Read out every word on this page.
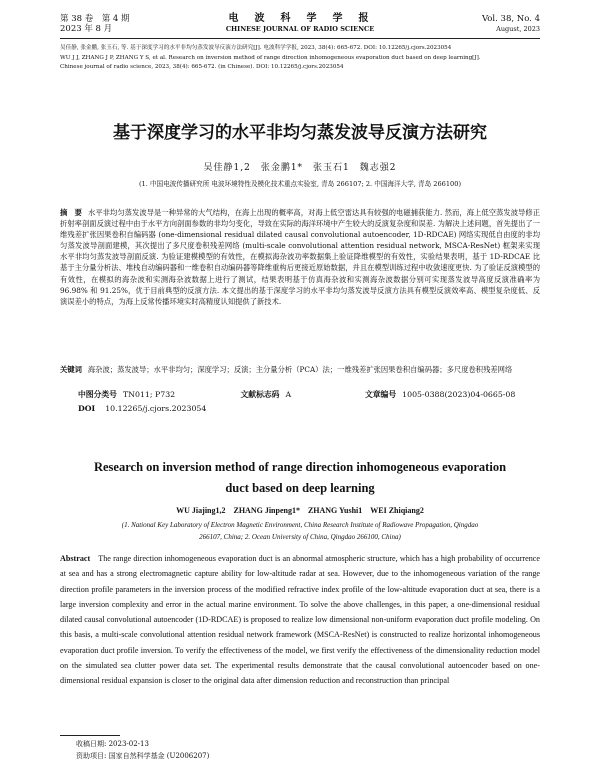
第 38 卷　第 4 期
2023 年 8 月
电　波　科　学　学　报
CHINESE JOURNAL OF RADIO SCIENCE
Vol. 38, No. 4
August, 2023
吴佳静, 张金鹏, 张玉石, 等. 基于深度学习的水平非均匀蒸发波导反演方法研究[J]. 电波科学学报, 2023, 38(4): 665-672. DOI: 10.12265/j.cjors.2023054
WU J J, ZHANG J P, ZHANG Y S, et al. Research on inversion method of range direction inhomogeneous evaporation duct based on deep learning[J].
Chinese journal of radio science, 2023, 38(4): 665-672. (in Chinese). DOI: 10.12265/j.cjors.2023054
基于深度学习的水平非均匀蒸发波导反演方法研究
吴佳静1,2　张金鹏1*　张玉石1　魏志强2
(1. 中国电波传播研究所 电波环境特性及模化技术重点实验室, 青岛 266107; 2. 中国海洋大学, 青岛 266100)
摘　要 水平非均匀蒸发波导是一种异常的大气结构，在海上出现的概率高，对海上低空雷达具有较强的电磁捕获能力. 然而，海上低空蒸发波导修正折射率剖面反演过程中由于水平方向剖面参数的非均匀变化，导致在实际的海洋环境中产生较大的反演复杂度和误差. 为解决上述问题，首先提出了一维残差扩张因果卷积自编码器 (one-dimensional residual dilated causal convolutional autoencoder, 1D-RDCAE) 网络实现低自由度的非均匀蒸发波导剖面建模，其次提出了多尺度卷积残差网络 (multi-scale convolutional attention residual network, MSCA-ResNet) 框架来实现水平非均匀蒸发波导剖面反演. 为验证建模模型的有效性，在模拟海杂波功率数据集上验证降维模型的有效性，实验结果表明，基于 1D-RDCAE 比基于主分量分析法、堆栈自动编码器和一维卷积自动编码器等降维重构后更接近原始数据，并且在模型训练过程中收敛速度更快. 为了验证反演模型的有效性，在模拟的海杂波和实测海杂波数据上进行了测试，结果表明基于仿真海杂波和实测海杂波数据分别可实现蒸发波导高度反演准确率为 96.98% 和 91.25%，优于目前典型的反演方法. 本文提出的基于深度学习的水平非均匀蒸发波导反演方法具有模型反演效率高、模型复杂度低、反演误差小的特点，为海上反常传播环境实时高精度认知提供了新技术.
关键词 海杂波；蒸发波导；水平非均匀；深度学习；反演；主分量分析（PCA）法；一维残差扩张因果卷积自编码器；多尺度卷积残差网络
中图分类号 TN011; P732	文献标志码 A	文章编号 1005-0388(2023)04-0665-08
DOI 10.12265/j.cjors.2023054
Research on inversion method of range direction inhomogeneous evaporation
duct based on deep learning
WU Jiajing1,2　ZHANG Jinpeng1*　ZHANG Yushi1　WEI Zhiqiang2
(1. National Key Laboratory of Electron Magnetic Environment, China Research Institute of Radiowave Propagation, Qingdao
266107, China; 2. Ocean University of China, Qingdao 266100, China)
Abstract The range direction inhomogeneous evaporation duct is an abnormal atmospheric structure, which has a high probability of occurrence at sea and has a strong electromagnetic capture ability for low-altitude radar at sea. However, due to the inhomogeneous variation of the range direction profile parameters in the inversion process of the modified refractive index profile of the low-altitude evaporation duct at sea, there is a large inversion complexity and error in the actual marine environment. To solve the above challenges, in this paper, a one-dimensional residual dilated causal convolutional autoencoder (1D-RDCAE) is proposed to realize low dimensional non-uniform evaporation duct profile modeling. On this basis, a multi-scale convolutional attention residual network framework (MSCA-ResNet) is constructed to realize horizontal inhomogeneous evaporation duct profile inversion. To verify the effectiveness of the model, we first verify the effectiveness of the dimensionality reduction model on the simulated sea clutter power data set. The experimental results demonstrate that the causal convolutional autoencoder based on one-dimensional residual expansion is closer to the original data after dimension reduction and reconstruction than principal
收稿日期: 2023-02-13
资助项目: 国家自然科学基金 (U2006207)
